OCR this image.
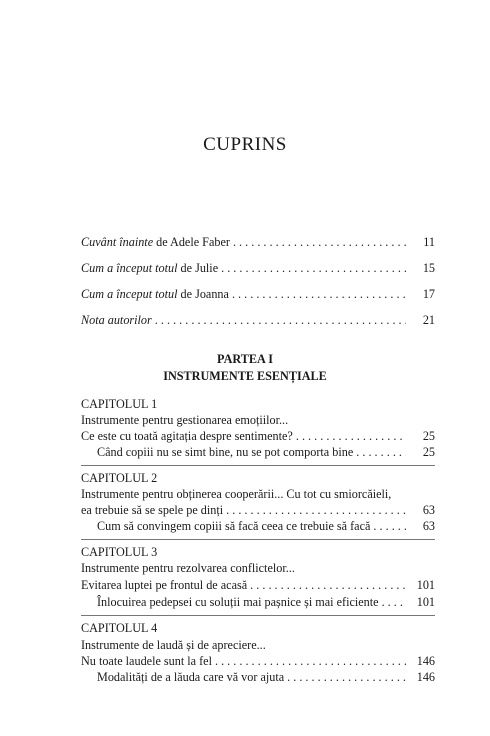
CUPRINS
Cuvânt înainte de Adele Faber . . .	11
Cum a început totul de Julie . . .	15
Cum a început totul de Joanna . . .	17
Nota autorilor . . .	21
PARTEA I
INSTRUMENTE ESENȚIALE
CAPITOLUL 1
Instrumente pentru gestionarea emoțiilor...
Ce este cu toată agitația despre sentimente? . . .	25
Când copiii nu se simt bine, nu se pot comporta bine . . .	25
CAPITOLUL 2
Instrumente pentru obținerea cooperării... Cu tot cu smiorcăieli,
ea trebuie să se spele pe dinți . . .	63
Cum să convingem copiii să facă ceea ce trebuie să facă . . .	63
CAPITOLUL 3
Instrumente pentru rezolvarea conflictelor...
Evitarea luptei pe frontul de acasă . . .	101
Înlocuirea pedepsei cu soluții mai pașnice și mai eficiente . . .	101
CAPITOLUL 4
Instrumente de laudă și de apreciere...
Nu toate laudele sunt la fel . . .	146
Modalități de a lăuda care vă vor ajuta . . .	146
